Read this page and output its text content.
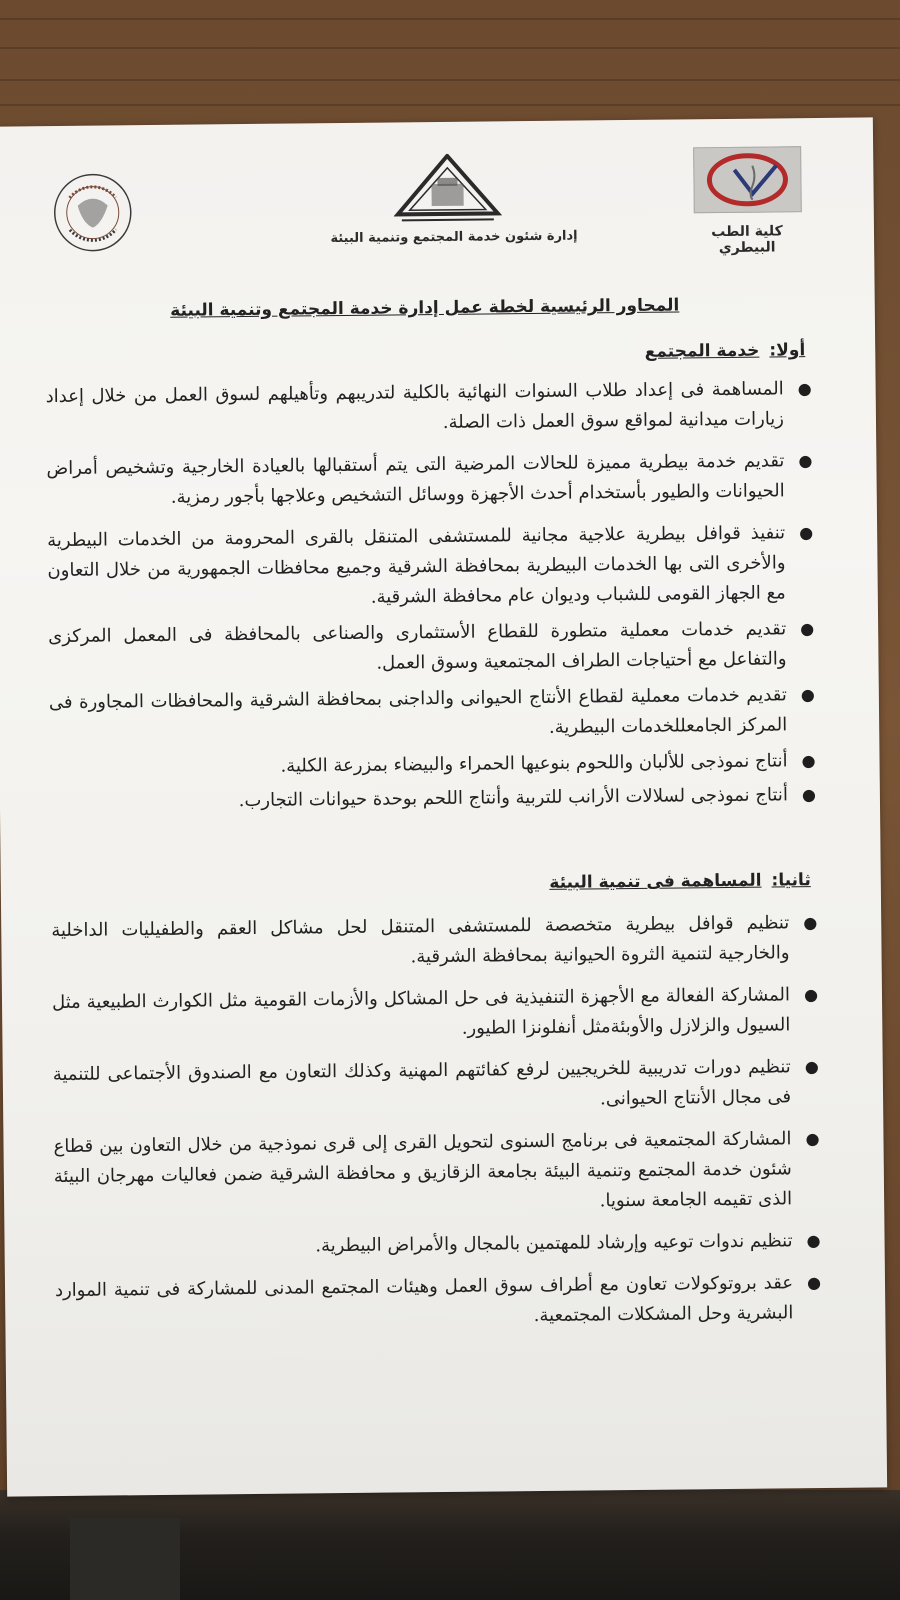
كلية الطب البيطري
إدارة شئون خدمة المجتمع وتنمية البيئة
المحاور الرئيسية لخطة عمل إدارة خدمة المجتمع وتنمية البيئة
أولا:خدمة المجتمع
●
المساهمة فى إعداد طلاب السنوات النهائية بالكلية لتدريبهم وتأهيلهم لسوق العمل من خلال إعداد زيارات ميدانية لمواقع سوق العمل ذات الصلة.
●
تقديم خدمة بيطرية مميزة للحالات المرضية التى يتم أستقبالها بالعيادة الخارجية وتشخيص أمراض الحيوانات والطيور بأستخدام أحدث الأجهزة ووسائل التشخيص وعلاجها بأجور رمزية.
●
تنفيذ قوافل بيطرية علاجية مجانية للمستشفى المتنقل بالقرى المحرومة من الخدمات البيطرية والأخرى التى بها الخدمات البيطرية بمحافظة الشرقية وجميع محافظات الجمهورية من خلال التعاون مع الجهاز القومى للشباب وديوان عام محافظة الشرقية.
●
تقديم خدمات معملية متطورة للقطاع الأستثمارى والصناعى بالمحافظة فى المعمل المركزى والتفاعل مع أحتياجات الطراف المجتمعية وسوق العمل.
●
تقديم خدمات معملية لقطاع الأنتاج الحيوانى والداجنى بمحافظة الشرقية والمحافظات المجاورة فى المركز الجامعللخدمات البيطرية.
●
أنتاج نموذجى للألبان واللحوم بنوعيها الحمراء والبيضاء بمزرعة الكلية.
●
أنتاج نموذجى لسلالات الأرانب للتربية وأنتاج اللحم بوحدة حيوانات التجارب.
ثانيا:المساهمة فى تنمية البيئة
●
تنظيم قوافل بيطرية متخصصة للمستشفى المتنقل لحل مشاكل العقم والطفيليات الداخلية والخارجية لتنمية الثروة الحيوانية بمحافظة الشرقية.
●
المشاركة الفعالة مع الأجهزة التنفيذية فى حل المشاكل والأزمات القومية مثل الكوارث الطبيعية مثل السيول والزلازل والأوبئةمثل أنفلونزا الطيور.
●
تنظيم دورات تدريبية للخريجيين لرفع كفائتهم المهنية وكذلك التعاون مع الصندوق الأجتماعى للتنمية فى مجال الأنتاج الحيوانى.
●
المشاركة المجتمعية فى برنامج السنوى لتحويل القرى إلى قرى نموذجية من خلال التعاون بين قطاع شئون خدمة المجتمع وتنمية البيئة بجامعة الزقازيق و محافظة الشرقية ضمن فعاليات مهرجان البيئة الذى تقيمه الجامعة سنويا.
●
تنظيم ندوات توعيه وإرشاد للمهتمين بالمجال والأمراض البيطرية.
●
عقد بروتوكولات تعاون مع أطراف سوق العمل وهيئات المجتمع المدنى للمشاركة فى تنمية الموارد البشرية وحل المشكلات المجتمعية.
